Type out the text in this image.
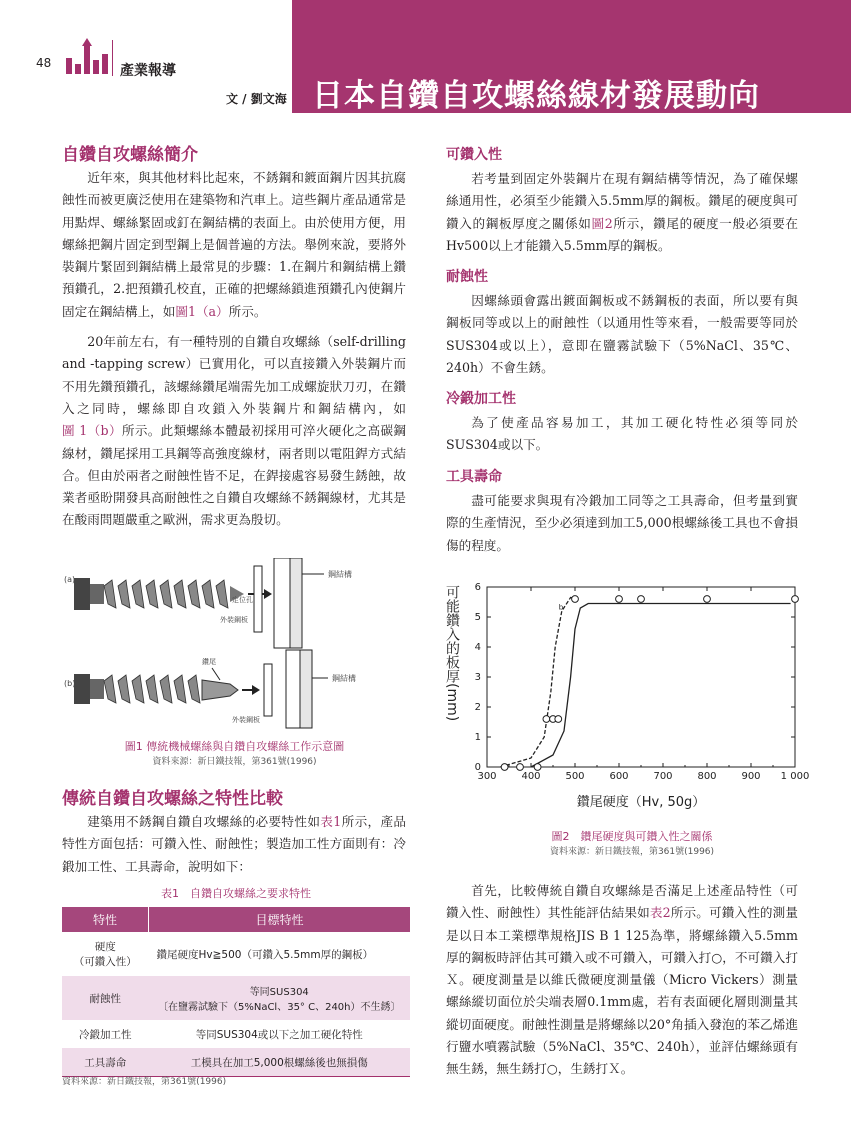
48	產業報導
文 / 劉文海 日本自鑽自攻螺絲線材發展動向
自鑽自攻螺絲簡介

近年來，與其他材料比起來，不銹鋼和鍍面鋼片因其抗腐蝕性而被更廣泛使用在建築物和汽車上。這些鋼片產品通常是用點焊、螺絲緊固或釘在鋼結構的表面上。由於使用方便，用螺絲把鋼片固定到型鋼上是個普遍的方法。舉例來說，要將外裝鋼片緊固到鋼結構上最常見的步驟：1.在鋼片和鋼結構上鑽預鑽孔，2.把預鑽孔校直，正確的把螺絲鎖進預鑽孔內使鋼片固定在鋼結構上，如圖1（a）所示。

20年前左右，有一種特別的自鑽自攻螺絲（self-drilling and -tapping screw）已實用化，可以直接鑽入外裝鋼片而不用先鑽預鑽孔，該螺絲鑽尾端需先加工成螺旋狀刀刃，在鑽入之同時，螺絲即自攻鎖入外裝鋼片和鋼結構內，如圖 1（b）所示。此類螺絲本體最初採用可淬火硬化之高碳鋼線材，鑽尾採用工具鋼等高強度線材，兩者則以電阻銲方式結合。但由於兩者之耐蝕性皆不足，在銲接處容易發生銹蝕，故業者亟盼開發具高耐蝕性之自鑽自攻螺絲不銹鋼線材，尤其是在酸雨問題嚴重之歐洲，需求更為殷切。

(a)
鋼結構
定位孔
外裝鋼板
(b)
鑽尾
鋼結構
外裝鋼板
圖1 傳統機械螺絲與自鑽自攻螺絲工作示意圖
資料來源：新日鐵技報，第361號(1996)
傳統自鑽自攻螺絲之特性比較

建築用不銹鋼自鑽自攻螺絲的必要特性如表1所示，產品特性方面包括：可鑽入性、耐蝕性；製造加工性方面則有：冷鍛加工性、工具壽命，說明如下：

表1　自鑽自攻螺絲之要求特性
特性	目標特性

硬度
（可鑽入性）	鑽尾硬度Hv≧500（可鑽入5.5mm厚的鋼板）

耐蝕性	等同SUS304
〔在鹽霧試驗下（5%NaCl、35° C、240h）不生銹〕

冷鍛加工性	等同SUS304或以下之加工硬化特性

工具壽命	工模具在加工5,000根螺絲後也無損傷
資料來源：新日鐵技報，第361號(1996)
可鑽入性

若考量到固定外裝鋼片在現有鋼結構等情況，為了確保螺絲通用性，必須至少能鑽入5.5mm厚的鋼板。鑽尾的硬度與可鑽入的鋼板厚度之關係如圖2所示，鑽尾的硬度一般必須要在Hv500以上才能鑽入5.5mm厚的鋼板。

耐蝕性

因螺絲頭會露出鍍面鋼板或不銹鋼板的表面，所以要有與鋼板同等或以上的耐蝕性（以通用性等來看，一般需要等同於SUS304或以上），意即在鹽霧試驗下（5%NaCl、35℃、240h）不會生銹。

冷鍛加工性

為了使產品容易加工，其加工硬化特性必須等同於SUS304或以下。

工具壽命

盡可能要求與現有冷鍛加工同等之工具壽命，但考量到實際的生產情況，至少必須達到加工5,000根螺絲後工具也不會損傷的程度。

300 400 500 600 700 800 900 1 000
0
1
2
3
4
5
6
鑽尾硬度（Hv, 50g）
可能鑽入的板厚(mm)	b
圖2　鑽尾硬度與可鑽入性之關係
資料來源：新日鐵技報，第361號(1996)

首先，比較傳統自鑽自攻螺絲是否滿足上述產品特性（可鑽入性、耐蝕性）其性能評估結果如表2所示。可鑽入性的測量是以日本工業標準規格JIS B 1 125為準，將螺絲鑽入5.5mm厚的鋼板時評估其可鑽入或不可鑽入，可鑽入打○，不可鑽入打Ｘ。硬度測量是以維氏微硬度測量儀（Micro Vickers）測量螺絲縱切面位於尖端表層0.1mm處，若有表面硬化層則測量其縱切面硬度。耐蝕性測量是將螺絲以20°角插入發泡的苯乙烯進行鹽水噴霧試驗（5%NaCl、35℃、240h），並評估螺絲頭有無生銹，無生銹打○，生銹打Ｘ。
